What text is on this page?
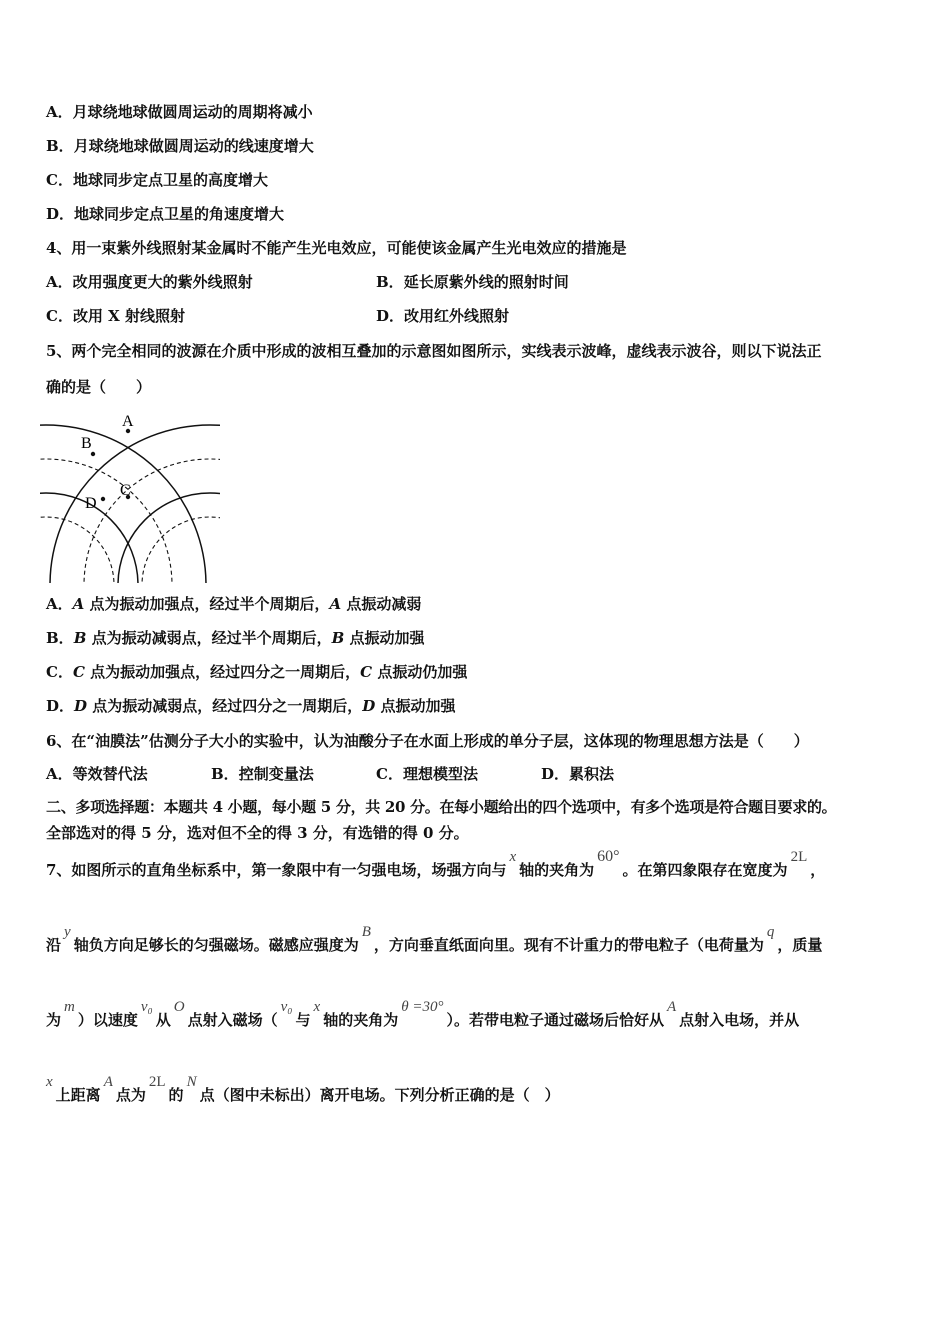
A．月球绕地球做圆周运动的周期将减小
B．月球绕地球做圆周运动的线速度增大
C．地球同步定点卫星的高度增大
D．地球同步定点卫星的角速度增大
4、用一束紫外线照射某金属时不能产生光电效应，可能使该金属产生光电效应的措施是
A．改用强度更大的紫外线照射	B．延长原紫外线的照射时间
C．改用 X 射线照射	D．改用红外线照射
5、两个完全相同的波源在介质中形成的波相互叠加的示意图如图所示，实线表示波峰，虚线表示波谷，则以下说法正
确的是（　　）
A
B
C
D
A．A 点为振动加强点，经过半个周期后，A 点振动减弱
B．B 点为振动减弱点，经过半个周期后，B 点振动加强
C．C 点为振动加强点，经过四分之一周期后，C 点振动仍加强
D．D 点为振动减弱点，经过四分之一周期后，D 点振动加强
6、在“油膜法”估测分子大小的实验中，认为油酸分子在水面上形成的单分子层，这体现的物理思想方法是（　　）
A．等效替代法	B．控制变量法	C．理想模型法	D．累积法
二、多项选择题：本题共 4 小题，每小题 5 分，共 20 分。在每小题给出的四个选项中，有多个选项是符合题目要求的。
全部选对的得 5 分，选对但不全的得 3 分，有选错的得 0 分。
7、如图所示的直角坐标系中，第一象限中有一匀强电场，场强方向与x轴的夹角为60°。在第四象限存在宽度为2L，
沿y轴负方向足够长的匀强磁场。磁感应强度为B，方向垂直纸面向里。现有不计重力的带电粒子（电荷量为q，质量
为m）以速度v₀从O点射入磁场（v₀与x轴的夹角为θ =30°）。若带电粒子通过磁场后恰好从A点射入电场，并从
x上距离A点为2L的N点（图中未标出）离开电场。下列分析正确的是（　）
